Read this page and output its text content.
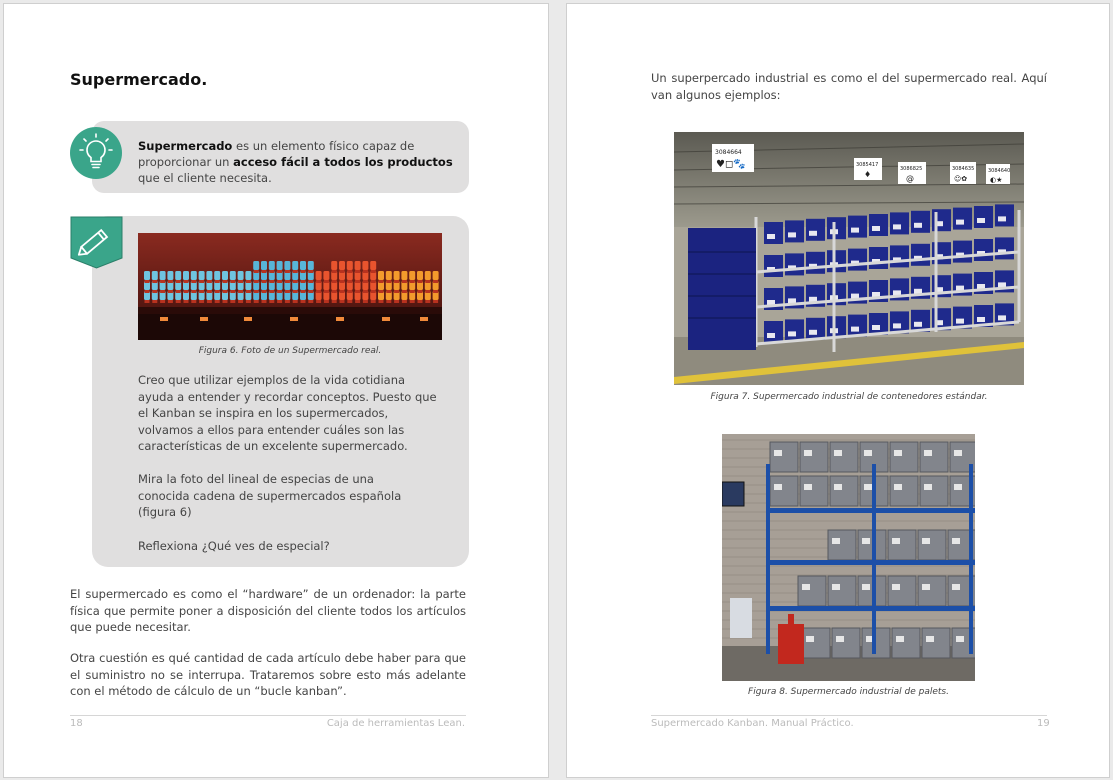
Supermercado.
Supermercado es un elemento físico capaz de proporcionar un acceso fácil a todos los productos que el cliente necesita.
Figura 6. Foto de un Supermercado real.
Creo que utilizar ejemplos de la vida cotidiana ayuda a entender y recordar conceptos. Puesto que el Kanban se inspira en los supermercados, volvamos a ellos para entender cuáles son las características de un excelente supermercado.
Mira la foto del lineal de especias de una conocida cadena de supermercados española (figura 6)
Reflexiona ¿Qué ves de especial?
El supermercado es como el “hardware” de un ordenador: la parte física que permite poner a disposición del cliente todos los artículos que puede necesitar.
Otra cuestión es qué cantidad de cada artículo debe haber para que el suministro no se interrupa. Trataremos sobre esto más adelante con el método de cálculo de un “bucle kanban”.
18	Caja de herramientas Lean.
Un superpercado industrial es como el del supermercado real. Aquí van algunos ejemplos:
3084664
♥◻🐾	3085417
♦
3086825
@
3084635
☺✿
3084640
◐★
Figura 7. Supermercado industrial de contenedores estándar.
Figura 8. Supermercado industrial de palets.
Supermercado Kanban. Manual Práctico.	19
